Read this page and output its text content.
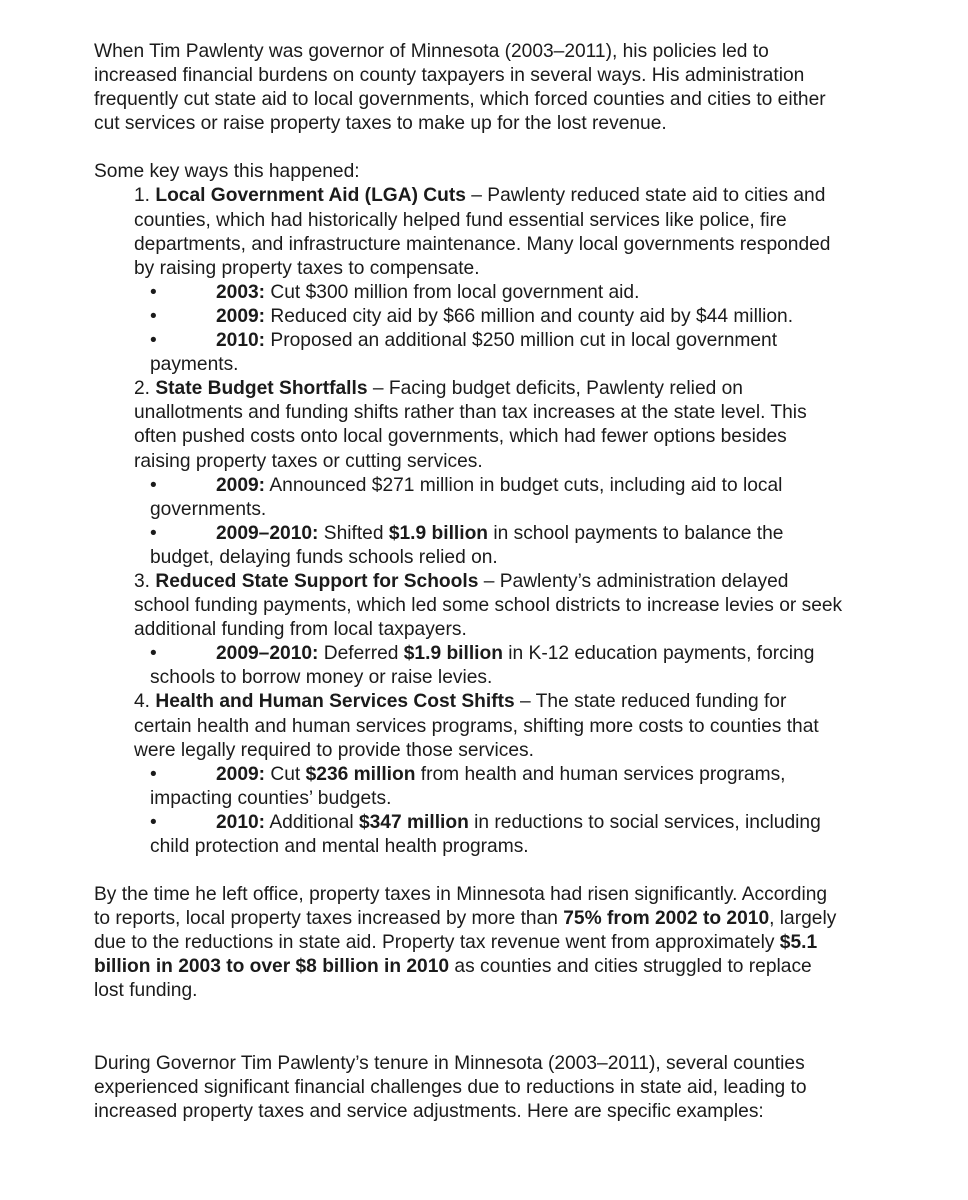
When Tim Pawlenty was governor of Minnesota (2003–2011), his policies led to
increased financial burdens on county taxpayers in several ways. His administration
frequently cut state aid to local governments, which forced counties and cities to either
cut services or raise property taxes to make up for the lost revenue.

Some key ways this happened:

1. Local Government Aid (LGA) Cuts – Pawlenty reduced state aid to cities and
counties, which had historically helped fund essential services like police, fire
departments, and infrastructure maintenance. Many local governments responded
by raising property taxes to compensate.

•	2003: Cut $300 million from local government aid.

•	2009: Reduced city aid by $66 million and county aid by $44 million.

•	2010: Proposed an additional $250 million cut in local government
payments.

2. State Budget Shortfalls – Facing budget deficits, Pawlenty relied on
unallotments and funding shifts rather than tax increases at the state level. This
often pushed costs onto local governments, which had fewer options besides
raising property taxes or cutting services.

•	2009: Announced $271 million in budget cuts, including aid to local
governments.

•	2009–2010: Shifted $1.9 billion in school payments to balance the
budget, delaying funds schools relied on.

3. Reduced State Support for Schools – Pawlenty’s administration delayed
school funding payments, which led some school districts to increase levies or seek
additional funding from local taxpayers.

•	2009–2010: Deferred $1.9 billion in K-12 education payments, forcing
schools to borrow money or raise levies.

4. Health and Human Services Cost Shifts – The state reduced funding for
certain health and human services programs, shifting more costs to counties that
were legally required to provide those services.

•	2009: Cut $236 million from health and human services programs,
impacting counties’ budgets.

•	2010: Additional $347 million in reductions to social services, including
child protection and mental health programs.

By the time he left office, property taxes in Minnesota had risen significantly. According
to reports, local property taxes increased by more than 75% from 2002 to 2010, largely
due to the reductions in state aid. Property tax revenue went from approximately $5.1
billion in 2003 to over $8 billion in 2010 as counties and cities struggled to replace
lost funding.

During Governor Tim Pawlenty’s tenure in Minnesota (2003–2011), several counties
experienced significant financial challenges due to reductions in state aid, leading to
increased property taxes and service adjustments. Here are specific examples:
